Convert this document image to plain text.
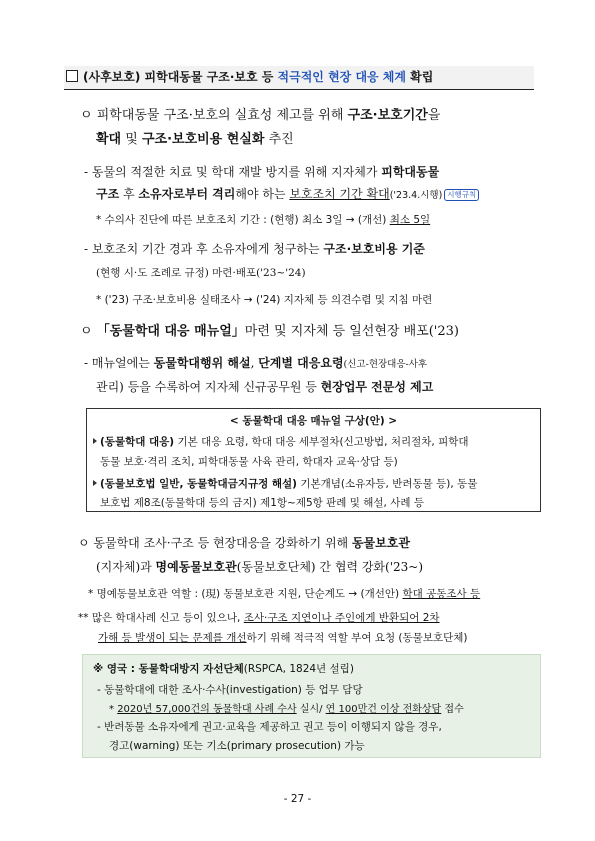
(사후보호) 피학대동물 구조·보호 등 적극적인 현장 대응 체계 확립
ㅇ 피학대동물 구조·보호의 실효성 제고를 위해 구조·보호기간을
확대 및 구조·보호비용 현실화 추진
- 동물의 적절한 치료 및 학대 재발 방지를 위해 지자체가 피학대동물
구조 후 소유자로부터 격리해야 하는 보호조치 기간 확대('23.4.시행) 시행규칙
* 수의사 진단에 따른 보호조치 기간 : (현행) 최소 3일 → (개선) 최소 5일
- 보호조치 기간 경과 후 소유자에게 청구하는 구조·보호비용 기준
(현행 시·도 조례로 규정) 마련·배포('23~'24)
* ('23) 구조·보호비용 실태조사 → ('24) 지자체 등 의견수렴 및 지침 마련
ㅇ 「동물학대 대응 매뉴얼」마련 및 지자체 등 일선현장 배포('23)
- 매뉴얼에는 동물학대행위 해설, 단계별 대응요령(신고-현장대응-사후
관리) 등을 수록하여 지자체 신규공무원 등 현장업무 전문성 제고
< 동물학대 대응 매뉴얼 구상(안) >
(동물학대 대응) 기본 대응 요령, 학대 대응 세부절차(신고방법, 처리절차, 피학대
동물 보호·격리 조치, 피학대동물 사육 관리, 학대자 교육·상담 등)
(동물보호법 일반, 동물학대금지규정 해설) 기본개념(소유자등, 반려동물 등), 동물
보호법 제8조(동물학대 등의 금지) 제1항~제5항 판례 및 해설, 사례 등
ㅇ 동물학대 조사·구조 등 현장대응을 강화하기 위해 동물보호관
(지자체)과 명예동물보호관(동물보호단체) 간 협력 강화('23~)
* 명예동물보호관 역할 : (現) 동물보호관 지원, 단순계도 → (개선안) 학대 공동조사 등
** 많은 학대사례 신고 등이 있으나, 조사·구조 지연이나 주인에게 반환되어 2차
가해 등 발생이 되는 문제를 개선하기 위해 적극적 역할 부여 요청 (동물보호단체)
※ 영국 : 동물학대방지 자선단체(RSPCA, 1824년 설립)
- 동물학대에 대한 조사·수사(investigation) 등 업무 담당
* 2020년 57,000건의 동물학대 사례 수사 실시/ 연 100만건 이상 전화상담 접수
- 반려동물 소유자에게 권고·교육을 제공하고 권고 등이 이행되지 않을 경우,
경고(warning) 또는 기소(primary prosecution) 가능
- 27 -
